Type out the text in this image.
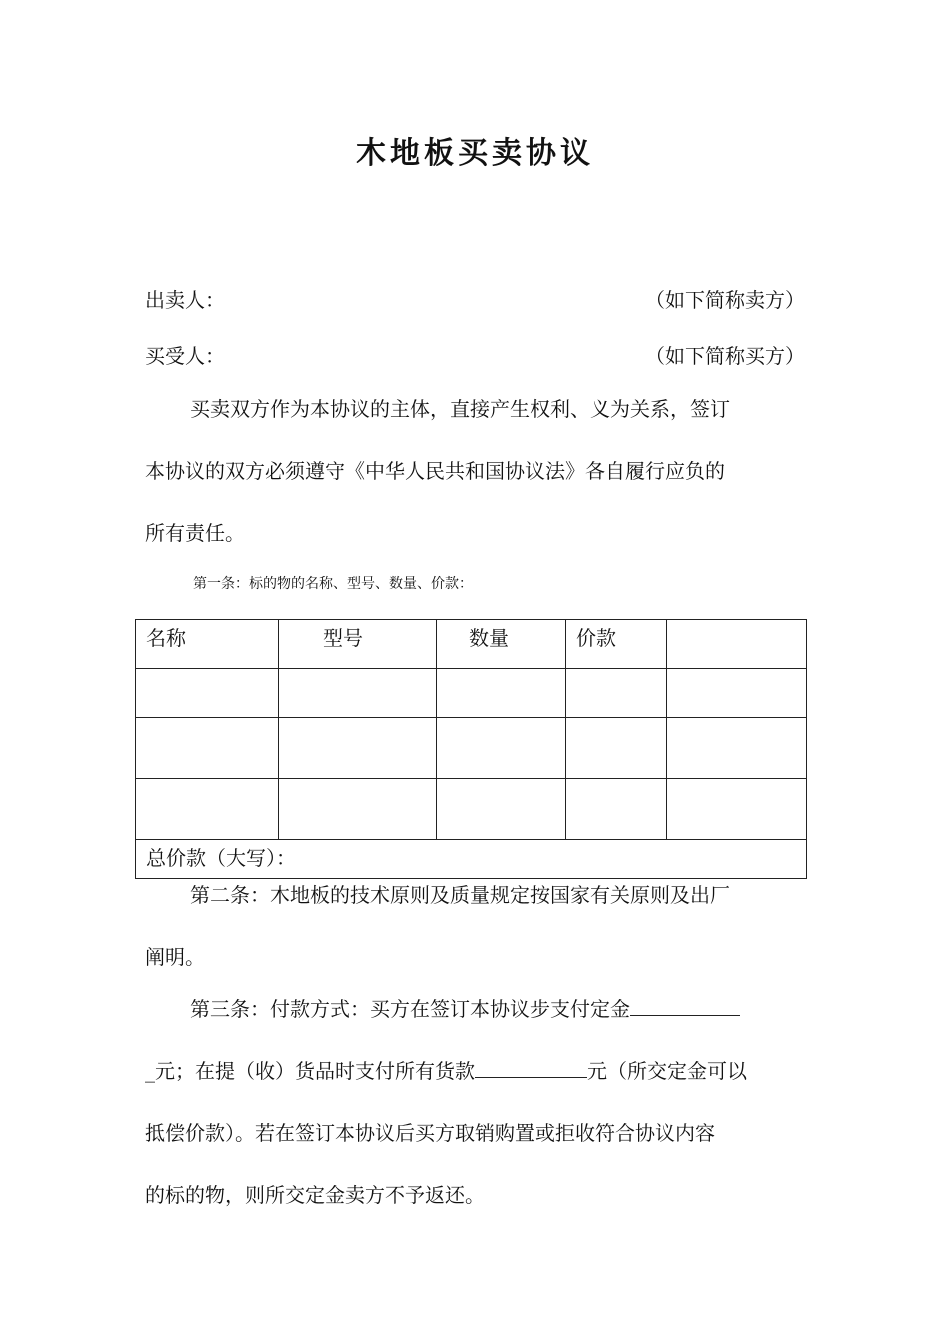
木地板买卖协议
出卖人：	（如下简称卖方）
买受人：	（如下简称买方）
买卖双方作为本协议的主体，直接产生权利、义为关系，签订
本协议的双方必须遵守《中华人民共和国协议法》各自履行应负的
所有责任。
第一条：标的物的名称、型号、数量、价款：
名称	型号	数量	价款	

总价款（大写）：				
第二条：木地板的技术原则及质量规定按国家有关原则及出厂
阐明。
第三条：付款方式：买方在签订本协议步支付定金
_元；在提（收）货品时支付所有货款	元（所交定金可以
抵偿价款）。若在签订本协议后买方取销购置或拒收符合协议内容
的标的物，则所交定金卖方不予返还。
